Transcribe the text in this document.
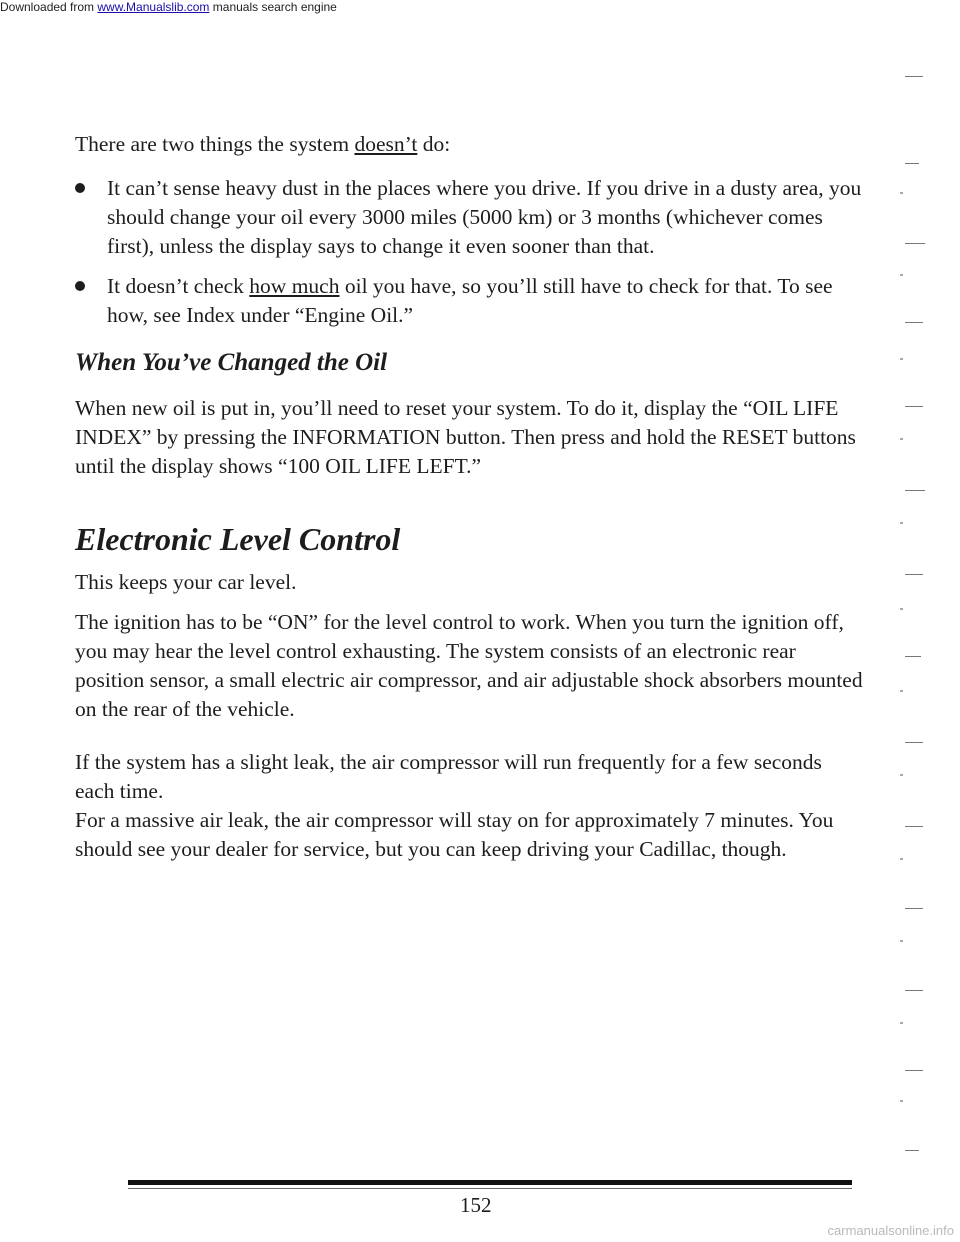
Downloaded from www.Manualslib.com manuals search engine

There are two things the system doesn’t do:

It can’t sense heavy dust in the places where you drive. If you drive in a dusty area, you should change your oil every 3000 miles (5000 km) or 3 months (whichever comes first), unless the display says to change it even sooner than that.

It doesn’t check how much oil you have, so you’ll still have to check for that. To see how, see Index under “Engine Oil.”

When You’ve Changed the Oil

When new oil is put in, you’ll need to reset your system. To do it, display the “OIL LIFE INDEX” by pressing the INFORMATION button. Then press and hold the RESET buttons until the display shows “100 OIL LIFE LEFT.”

Electronic Level Control

This keeps your car level.

The ignition has to be “ON” for the level control to work. When you turn the ignition off, you may hear the level control exhausting. The system consists of an electronic rear position sensor, a small electric air compressor, and air adjustable shock absorbers mounted on the rear of the vehicle.

If the system has a slight leak, the air compressor will run frequently for a few seconds each time.

For a massive air leak, the air compressor will stay on for approximately 7 minutes. You should see your dealer for service, but you can keep driving your Cadillac, though.

152
carmanualsonline.info
